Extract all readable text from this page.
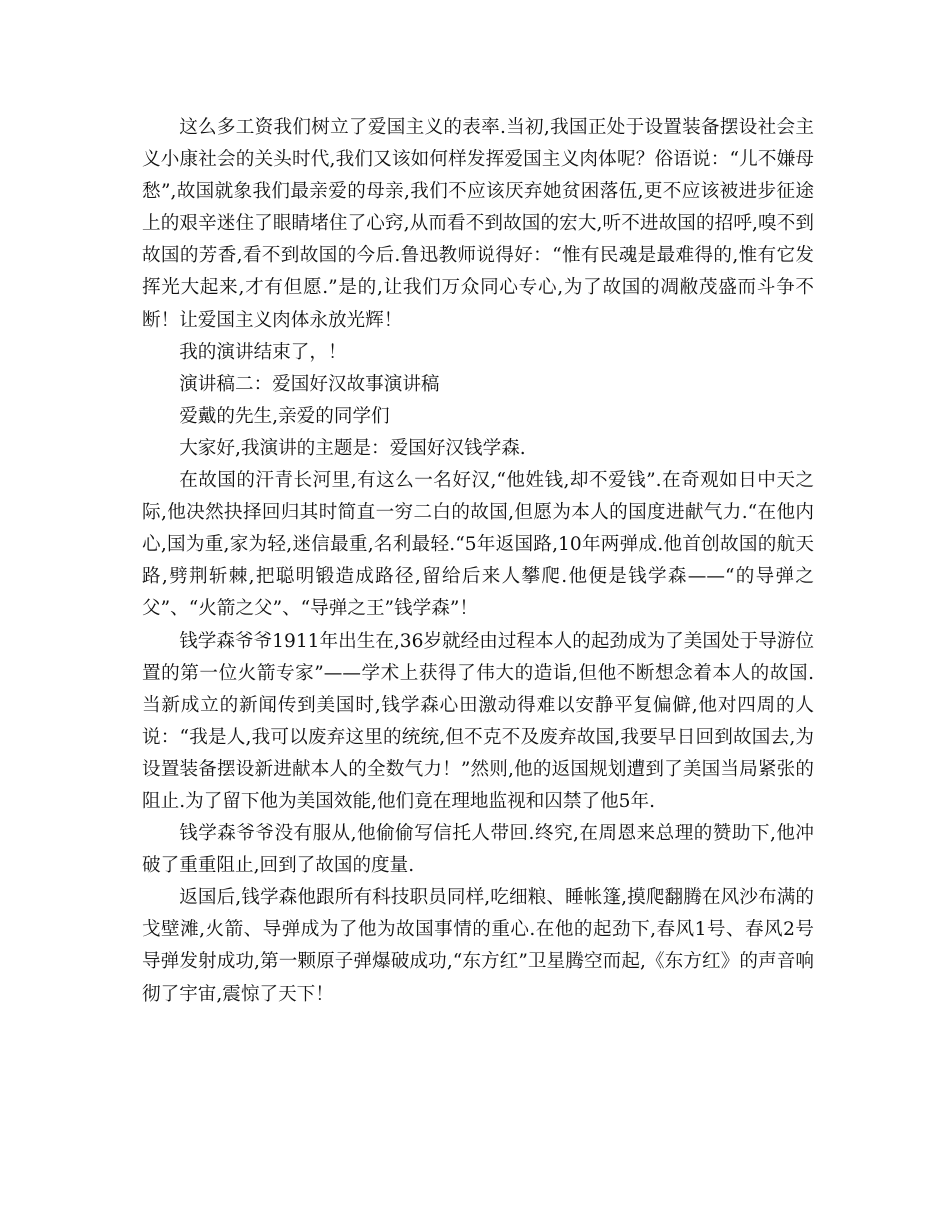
这么多工资我们树立了爱国主义的表率.当初,我国正处于设置装备摆设社会主义小康社会的关头时代,我们又该如何样发挥爱国主义肉体呢？俗语说：“儿不嫌母愁”,故国就象我们最亲爱的母亲,我们不应该厌弃她贫困落伍,更不应该被进步征途上的艰辛迷住了眼睛堵住了心窍,从而看不到故国的宏大,听不进故国的招呼,嗅不到故国的芳香,看不到故国的今后.鲁迅教师说得好：“惟有民魂是最难得的,惟有它发挥光大起来,才有但愿.”是的,让我们万众同心专心,为了故国的凋敝茂盛而斗争不断！让爱国主义肉体永放光辉！

我的演讲结束了，！

演讲稿二：爱国好汉故事演讲稿

爱戴的先生,亲爱的同学们

大家好,我演讲的主题是：爱国好汉钱学森.

在故国的汗青长河里,有这么一名好汉,“他姓钱,却不爱钱”.在奇观如日中天之际,他决然抉择回归其时简直一穷二白的故国,但愿为本人的国度进献气力.“在他内心,国为重,家为轻,迷信最重,名利最轻.“5年返国路,10年两弹成.他首创故国的航天路,劈荆斩棘,把聪明锻造成路径,留给后来人攀爬.他便是钱学森——“的导弹之父”、“火箭之父”、“导弹之王”钱学森”！

钱学森爷爷1911年出生在,36岁就经由过程本人的起劲成为了美国处于导游位置的第一位火箭专家”——学术上获得了伟大的造诣,但他不断想念着本人的故国.当新成立的新闻传到美国时,钱学森心田激动得难以安静平复偏僻,他对四周的人说：“我是人,我可以废弃这里的统统,但不克不及废弃故国,我要早日回到故国去,为设置装备摆设新进献本人的全数气力！”然则,他的返国规划遭到了美国当局紧张的阻止.为了留下他为美国效能,他们竟在理地监视和囚禁了他5年.

钱学森爷爷没有服从,他偷偷写信托人带回.终究,在周恩来总理的赞助下,他冲破了重重阻止,回到了故国的度量.

返国后,钱学森他跟所有科技职员同样,吃细粮、睡帐篷,摸爬翻腾在风沙布满的戈壁滩,火箭、导弹成为了他为故国事情的重心.在他的起劲下,春风1号、春风2号导弹发射成功,第一颗原子弹爆破成功,“东方红”卫星腾空而起,《东方红》的声音响彻了宇宙,震惊了天下！
